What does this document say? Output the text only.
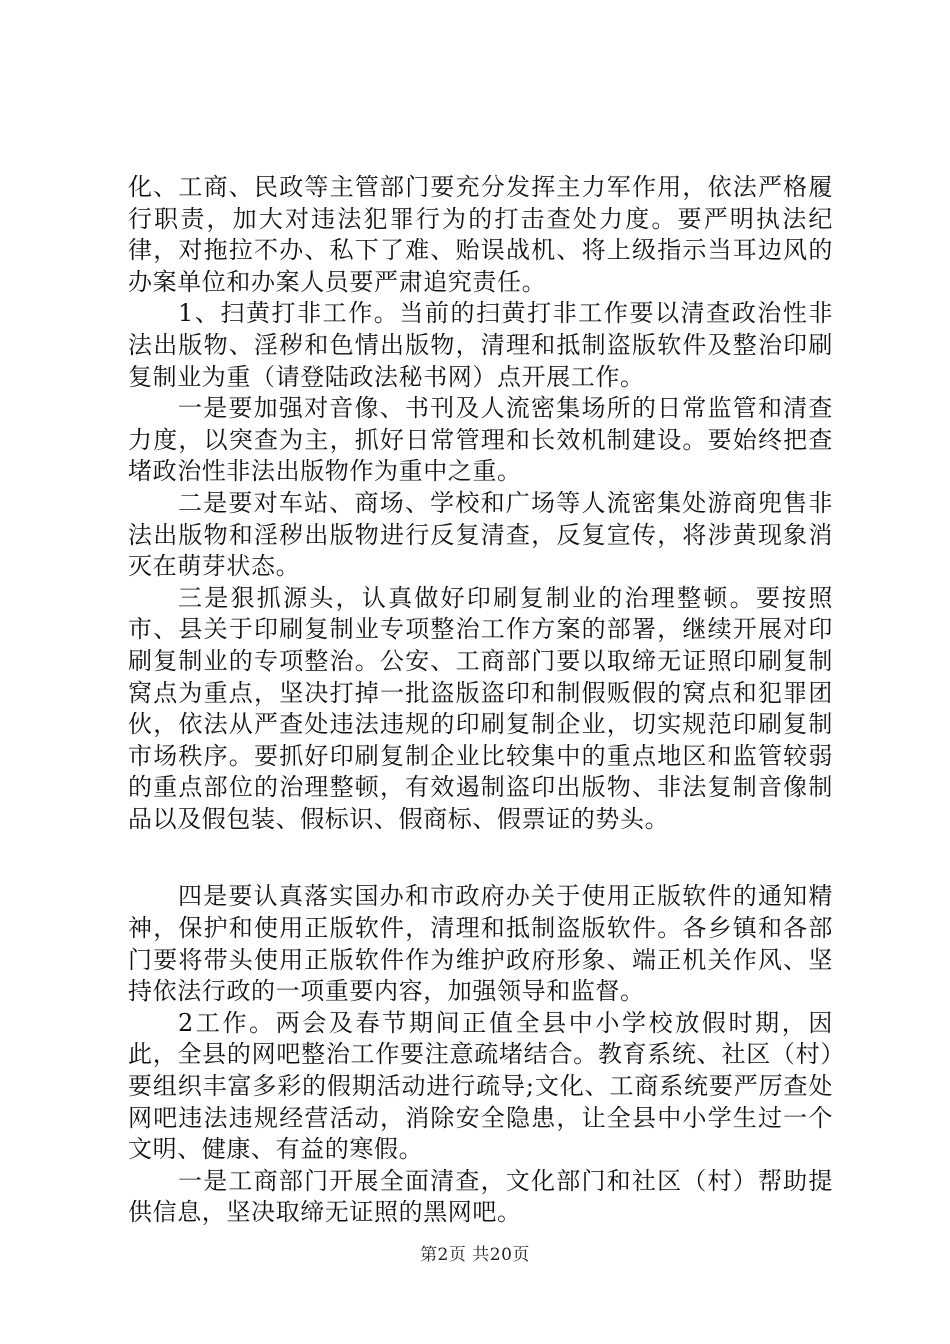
化、工商、民政等主管部门要充分发挥主力军作用，依法严格履行职责，加大对违法犯罪行为的打击查处力度。要严明执法纪律，对拖拉不办、私下了难、贻误战机、将上级指示当耳边风的办案单位和办案人员要严肃追究责任。

1、扫黄打非工作。当前的扫黄打非工作要以清查政治性非法出版物、淫秽和色情出版物，清理和抵制盗版软件及整治印刷复制业为重（请登陆政法秘书网）点开展工作。

一是要加强对音像、书刊及人流密集场所的日常监管和清查力度，以突查为主，抓好日常管理和长效机制建设。要始终把查堵政治性非法出版物作为重中之重。

二是要对车站、商场、学校和广场等人流密集处游商兜售非法出版物和淫秽出版物进行反复清查，反复宣传，将涉黄现象消灭在萌芽状态。

三是狠抓源头，认真做好印刷复制业的治理整顿。要按照市、县关于印刷复制业专项整治工作方案的部署，继续开展对印刷复制业的专项整治。公安、工商部门要以取缔无证照印刷复制窝点为重点，坚决打掉一批盗版盗印和制假贩假的窝点和犯罪团伙，依法从严查处违法违规的印刷复制企业，切实规范印刷复制市场秩序。要抓好印刷复制企业比较集中的重点地区和监管较弱的重点部位的治理整顿，有效遏制盗印出版物、非法复制音像制品以及假包装、假标识、假商标、假票证的势头。

四是要认真落实国办和市政府办关于使用正版软件的通知精神，保护和使用正版软件，清理和抵制盗版软件。各乡镇和各部门要将带头使用正版软件作为维护政府形象、端正机关作风、坚持依法行政的一项重要内容，加强领导和监督。

2工作。两会及春节期间正值全县中小学校放假时期，因此，全县的网吧整治工作要注意疏堵结合。教育系统、社区（村）要组织丰富多彩的假期活动进行疏导;文化、工商系统要严厉查处网吧违法违规经营活动，消除安全隐患，让全县中小学生过一个文明、健康、有益的寒假。

一是工商部门开展全面清查，文化部门和社区（村）帮助提供信息，坚决取缔无证照的黑网吧。

第2页 共20页
